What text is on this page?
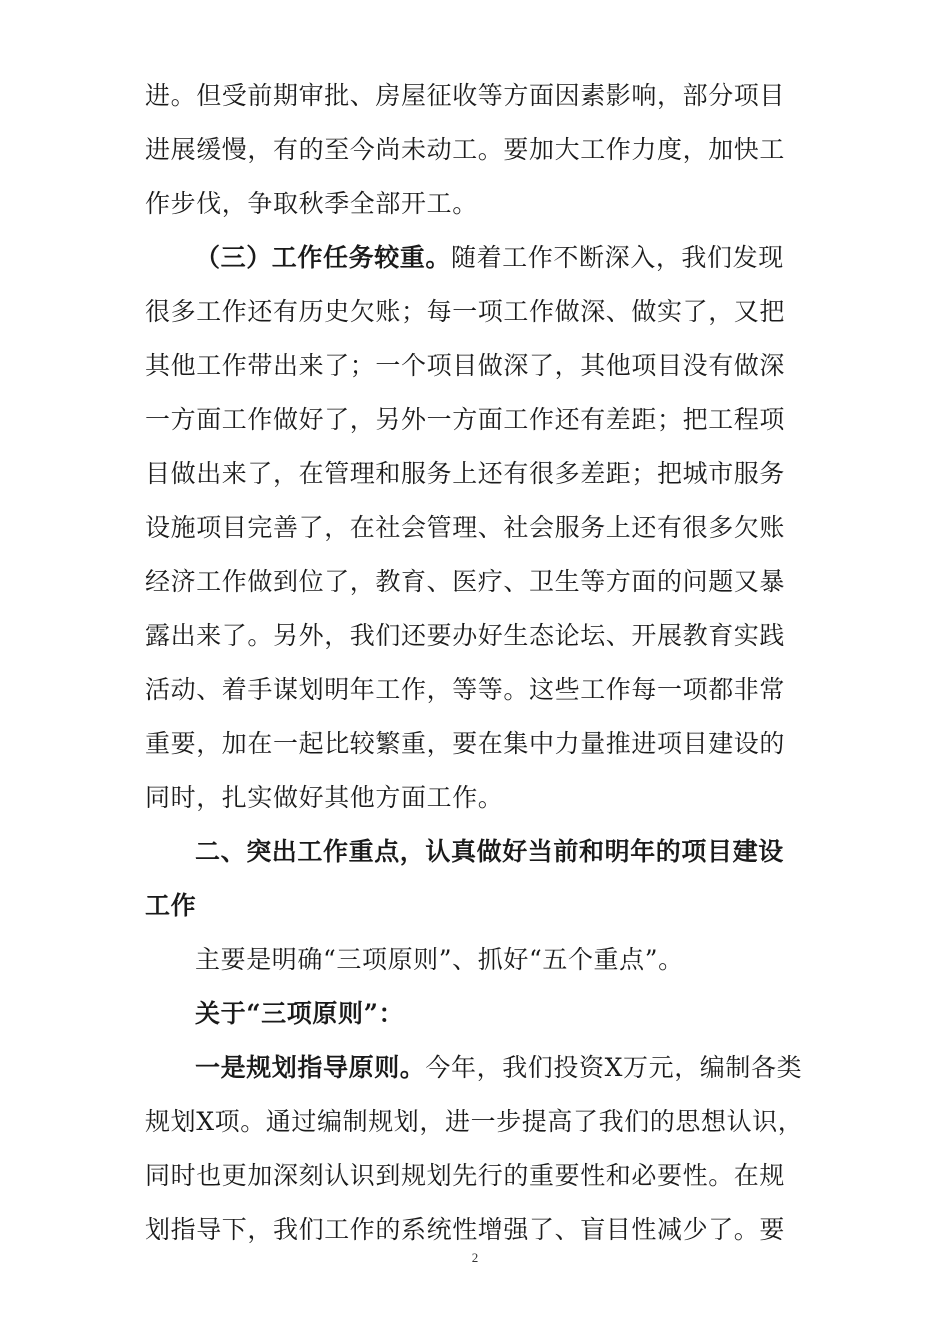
进。但受前期审批、房屋征收等方面因素影响，部分项目
进展缓慢，有的至今尚未动工。要加大工作力度，加快工
作步伐，争取秋季全部开工。
（三）工作任务较重。随着工作不断深入，我们发现
很多工作还有历史欠账；每一项工作做深、做实了，又把
其他工作带出来了；一个项目做深了，其他项目没有做深
一方面工作做好了，另外一方面工作还有差距；把工程项
目做出来了，在管理和服务上还有很多差距；把城市服务
设施项目完善了，在社会管理、社会服务上还有很多欠账
经济工作做到位了，教育、医疗、卫生等方面的问题又暴
露出来了。另外，我们还要办好生态论坛、开展教育实践
活动、着手谋划明年工作，等等。这些工作每一项都非常
重要，加在一起比较繁重，要在集中力量推进项目建设的
同时，扎实做好其他方面工作。
二、突出工作重点，认真做好当前和明年的项目建设
工作
主要是明确“三项原则”、抓好“五个重点”。
关于“三项原则”：
一是规划指导原则。今年，我们投资X万元，编制各类
规划X项。通过编制规划，进一步提高了我们的思想认识，
同时也更加深刻认识到规划先行的重要性和必要性。在规
划指导下，我们工作的系统性增强了、盲目性减少了。要
2
